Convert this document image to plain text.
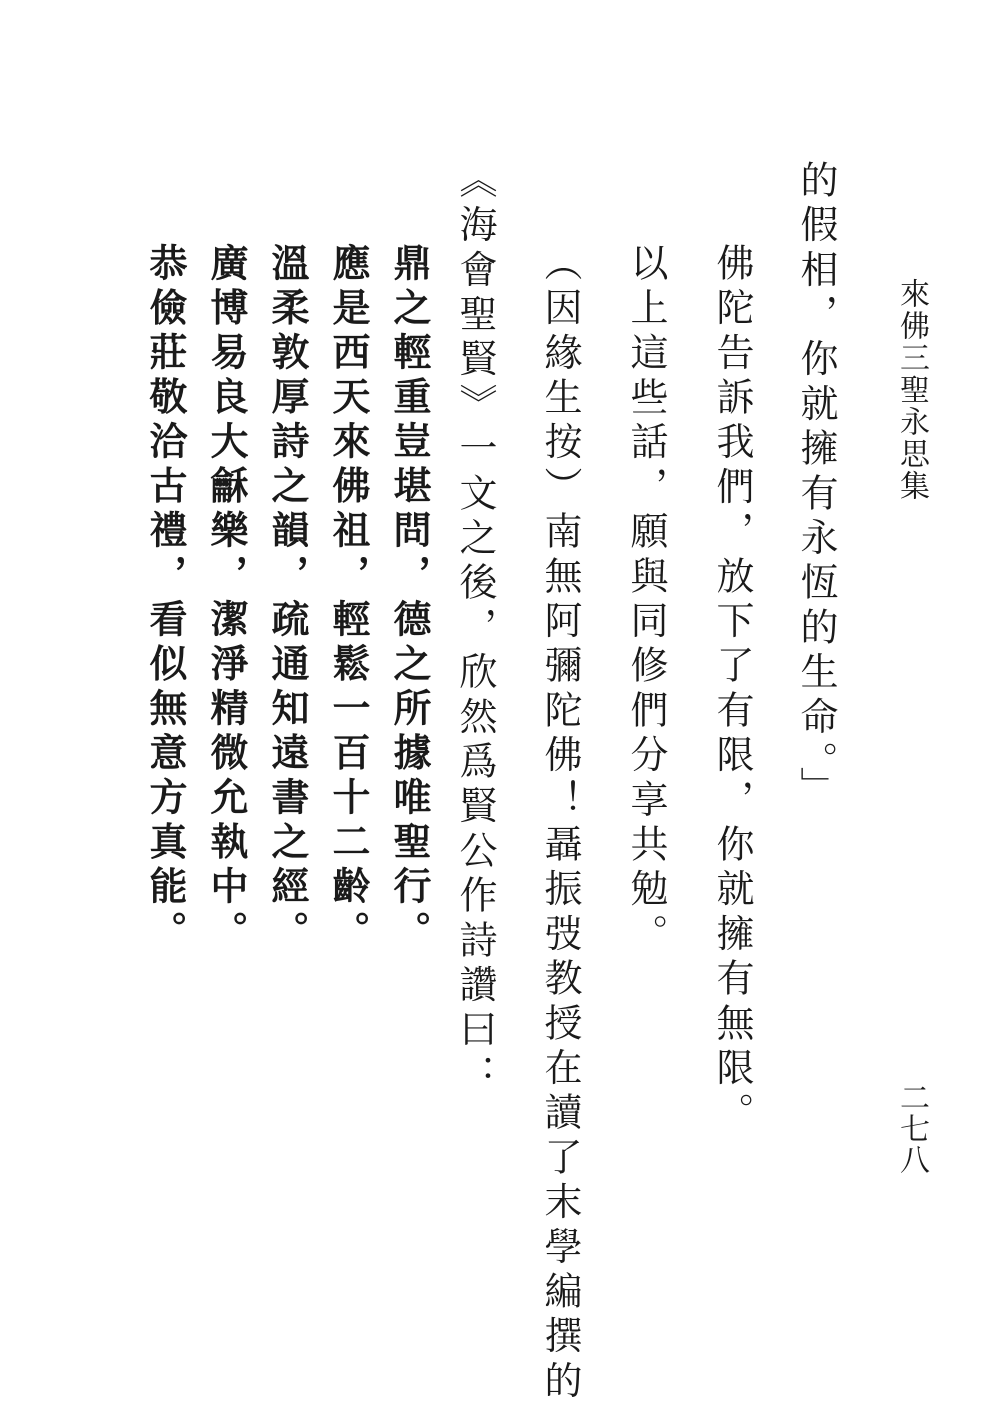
來佛三聖永思集
二七八

的假相，你就擁有永恆的生命。」

佛陀告訴我們，放下了有限，你就擁有無限。

以上這些話，願與同修們分享共勉。

（因緣生按）南無阿彌陀佛！聶振弢教授在讀了末學編撰的

《海會聖賢》一文之後，欣然爲賢公作詩讚曰：

鼎之輕重豈堪問，德之所據唯聖行。

應是西天來佛祖，輕鬆一百十二齡。

溫柔敦厚詩之韻，疏通知遠書之經。

廣博易良大龢樂，潔淨精微允執中。

恭儉莊敬洽古禮，看似無意方真能。
